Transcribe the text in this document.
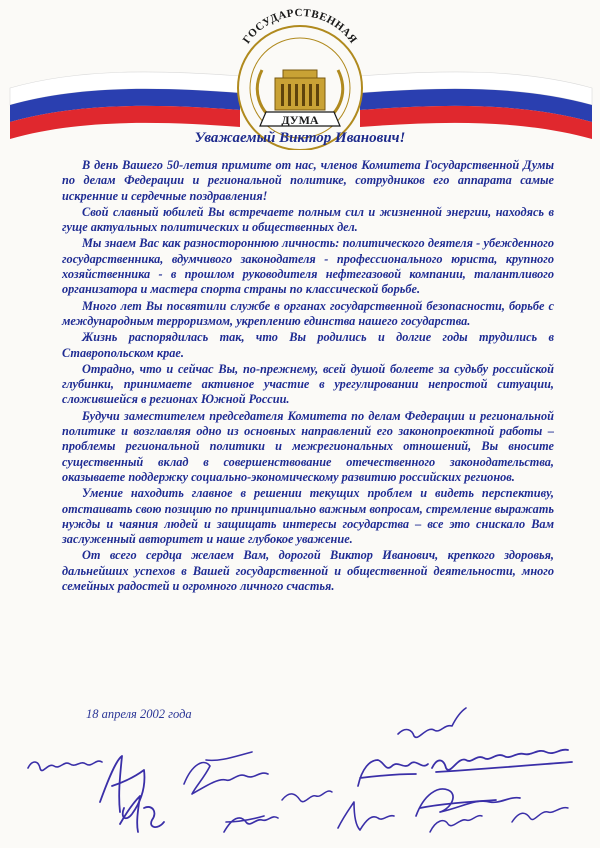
ГОСУДАРСТВЕННАЯ
ДУМА
Уважаемый Виктор Иванович!

В день Вашего 50-летия примите от нас, членов Комитета Государственной Думы по делам Федерации и региональной политике, сотрудников его аппарата самые искренние и сердечные поздравления!

Свой славный юбилей Вы встречаете полным сил и жизненной энергии, находясь в гуще актуальных политических и общественных дел.

Мы знаем Вас как разностороннюю личность: политического деятеля - убежденного государственника, вдумчивого законодателя - профессионального юриста, крупного хозяйственника - в прошлом руководителя нефтегазовой компании, талантливого организатора и мастера спорта страны по классической борьбе.

Много лет Вы посвятили службе в органах государственной безопасности, борьбе с международным терроризмом, укреплению единства нашего государства.

Жизнь распорядилась так, что Вы родились и долгие годы трудились в Ставропольском крае.

Отрадно, что и сейчас Вы, по-прежнему, всей душой болеете за судьбу российской глубинки, принимаете активное участие в урегулировании непростой ситуации, сложившейся в регионах Южной России.

Будучи заместителем председателя Комитета по делам Федерации и региональной политике и возглавляя одно из основных направлений его законопроектной работы – проблемы региональной политики и межрегиональных отношений, Вы вносите существенный вклад в совершенствование отечественного законодательства, оказываете поддержку социально-экономическому развитию российских регионов.

Умение находить главное в решении текущих проблем и видеть перспективу, отстаивать свою позицию по принципиально важным вопросам, стремление выражать нужды и чаяния людей и защищать интересы государства – все это снискало Вам заслуженный авторитет и наше глубокое уважение.

От всего сердца желаем Вам, дорогой Виктор Иванович, крепкого здоровья, дальнейших успехов в Вашей государственной и общественной деятельности, много семейных радостей и огромного личного счастья.

18 апреля 2002 года
